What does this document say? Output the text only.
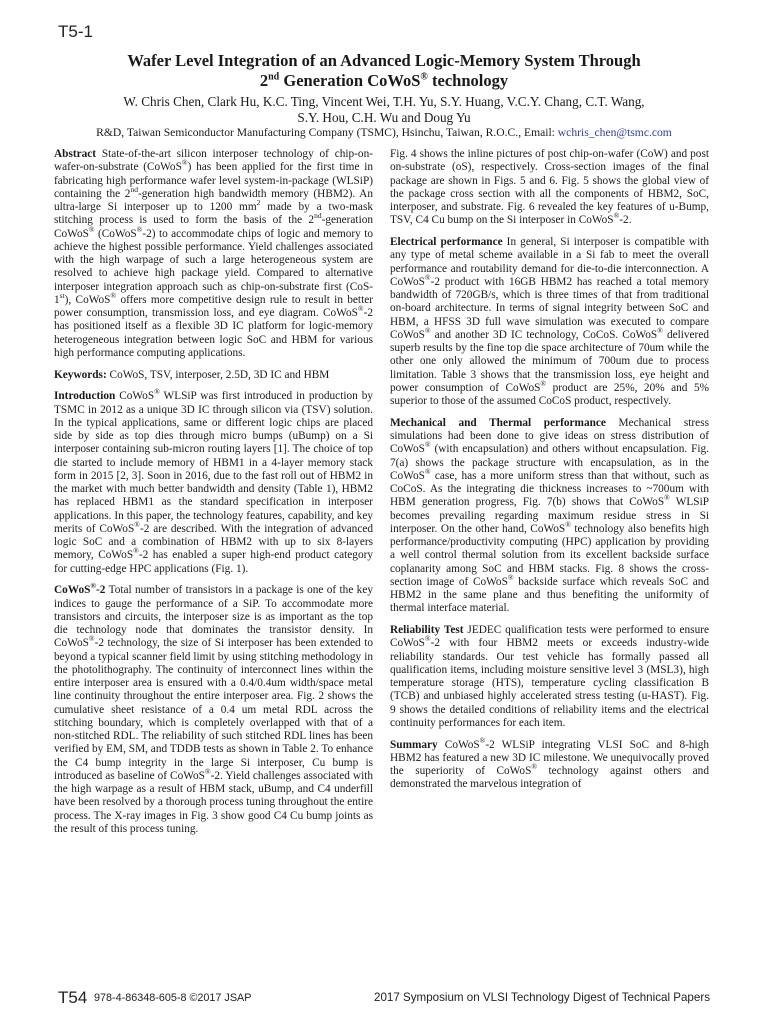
T5-1
Wafer Level Integration of an Advanced Logic-Memory System Through
2nd Generation CoWoS® technology
W. Chris Chen, Clark Hu, K.C. Ting, Vincent Wei, T.H. Yu, S.Y. Huang, V.C.Y. Chang, C.T. Wang,
S.Y. Hou, C.H. Wu and Doug Yu
R&D, Taiwan Semiconductor Manufacturing Company (TSMC), Hsinchu, Taiwan, R.O.C., Email: wchris_chen@tsmc.com

Abstract State-of-the-art silicon interposer technology of chip-on-wafer-on-substrate (CoWoS®) has been applied for the first time in fabricating high performance wafer level system-in-package (WLSiP) containing the 2nd-generation high bandwidth memory (HBM2). An ultra-large Si interposer up to 1200 $mm^2$ made by a two-mask stitching process is used to form the basis of the 2nd-generation CoWoS® (CoWoS®-2) to accommodate chips of logic and memory to achieve the highest possible performance. Yield challenges associated with the high warpage of such a large heterogeneous system are resolved to achieve high package yield. Compared to alternative interposer integration approach such as chip-on-substrate first (CoS-1st), CoWoS® offers more competitive design rule to result in better power consumption, transmission loss, and eye diagram. CoWoS®-2 has positioned itself as a flexible 3D IC platform for logic-memory heterogeneous integration between logic SoC and HBM for various high performance computing applications.

Keywords: CoWoS, TSV, interposer, 2.5D, 3D IC and HBM

Introduction CoWoS® WLSiP was first introduced in production by TSMC in 2012 as a unique 3D IC through silicon via (TSV) solution. In the typical applications, same or different logic chips are placed side by side as top dies through micro bumps (uBump) on a Si interposer containing sub-micron routing layers [1]. The choice of top die started to include memory of HBM1 in a 4-layer memory stack form in 2015 [2, 3]. Soon in 2016, due to the fast roll out of HBM2 in the market with much better bandwidth and density (Table 1), HBM2 has replaced HBM1 as the standard specification in interposer applications. In this paper, the technology features, capability, and key merits of CoWoS®-2 are described. With the integration of advanced logic SoC and a combination of HBM2 with up to six 8-layers memory, CoWoS®-2 has enabled a super high-end product category for cutting-edge HPC applications (Fig. 1).

CoWoS®-2 Total number of transistors in a package is one of the key indices to gauge the performance of a SiP. To accommodate more transistors and circuits, the interposer size is as important as the top die technology node that dominates the transistor density. In CoWoS®-2 technology, the size of Si interposer has been extended to beyond a typical scanner field limit by using stitching methodology in the photolithography. The continuity of interconnect lines within the entire interposer area is ensured with a 0.4/0.4um width/space metal line continuity throughout the entire interposer area. Fig. 2 shows the cumulative sheet resistance of a 0.4 um metal RDL across the stitching boundary, which is completely overlapped with that of a non-stitched RDL. The reliability of such stitched RDL lines has been verified by EM, SM, and TDDB tests as shown in Table 2. To enhance the C4 bump integrity in the large Si interposer, Cu bump is introduced as baseline of CoWoS®-2. Yield challenges associated with the high warpage as a result of HBM stack, uBump, and C4 underfill have been resolved by a thorough process tuning throughout the entire process. The X-ray images in Fig. 3 show good C4 Cu bump joints as the result of this process tuning.

Fig. 4 shows the inline pictures of post chip-on-wafer (CoW) and post on-substrate (oS), respectively. Cross-section images of the final package are shown in Figs. 5 and 6. Fig. 5 shows the global view of the package cross section with all the components of HBM2, SoC, interposer, and substrate. Fig. 6 revealed the key features of u-Bump, TSV, C4 Cu bump on the Si interposer in CoWoS®-2.

Electrical performance In general, Si interposer is compatible with any type of metal scheme available in a Si fab to meet the overall performance and routability demand for die-to-die interconnection. A CoWoS®-2 product with 16GB HBM2 has reached a total memory bandwidth of 720GB/s, which is three times of that from traditional on-board architecture. In terms of signal integrity between SoC and HBM, a HFSS 3D full wave simulation was executed to compare CoWoS® and another 3D IC technology, CoCoS. CoWoS® delivered superb results by the fine top die space architecture of 70um while the other one only allowed the minimum of 700um due to process limitation. Table 3 shows that the transmission loss, eye height and power consumption of CoWoS® product are 25%, 20% and 5% superior to those of the assumed CoCoS product, respectively.

Mechanical and Thermal performance Mechanical stress simulations had been done to give ideas on stress distribution of CoWoS® (with encapsulation) and others without encapsulation. Fig. 7(a) shows the package structure with encapsulation, as in the CoWoS® case, has a more uniform stress than that without, such as CoCoS. As the integrating die thickness increases to ~700um with HBM generation progress, Fig. 7(b) shows that CoWoS® WLSiP becomes prevailing regarding maximum residue stress in Si interposer. On the other hand, CoWoS® technology also benefits high performance/productivity computing (HPC) application by providing a well control thermal solution from its excellent backside surface coplanarity among SoC and HBM stacks. Fig. 8 shows the cross-section image of CoWoS® backside surface which reveals SoC and HBM2 in the same plane and thus benefiting the uniformity of thermal interface material.

Reliability Test JEDEC qualification tests were performed to ensure CoWoS®-2 with four HBM2 meets or exceeds industry-wide reliability standards. Our test vehicle has formally passed all qualification items, including moisture sensitive level 3 (MSL3), high temperature storage (HTS), temperature cycling classification B (TCB) and unbiased highly accelerated stress testing (u-HAST). Fig. 9 shows the detailed conditions of reliability items and the electrical continuity performances for each item.

Summary CoWoS®-2 WLSiP integrating VLSI SoC and 8-high HBM2 has featured a new 3D IC milestone. We unequivocally proved the superiority of CoWoS® technology against others and demonstrated the marvelous integration of

T54 978-4-86348-605-8 ©2017 JSAP	2017 Symposium on VLSI Technology Digest of Technical Papers
